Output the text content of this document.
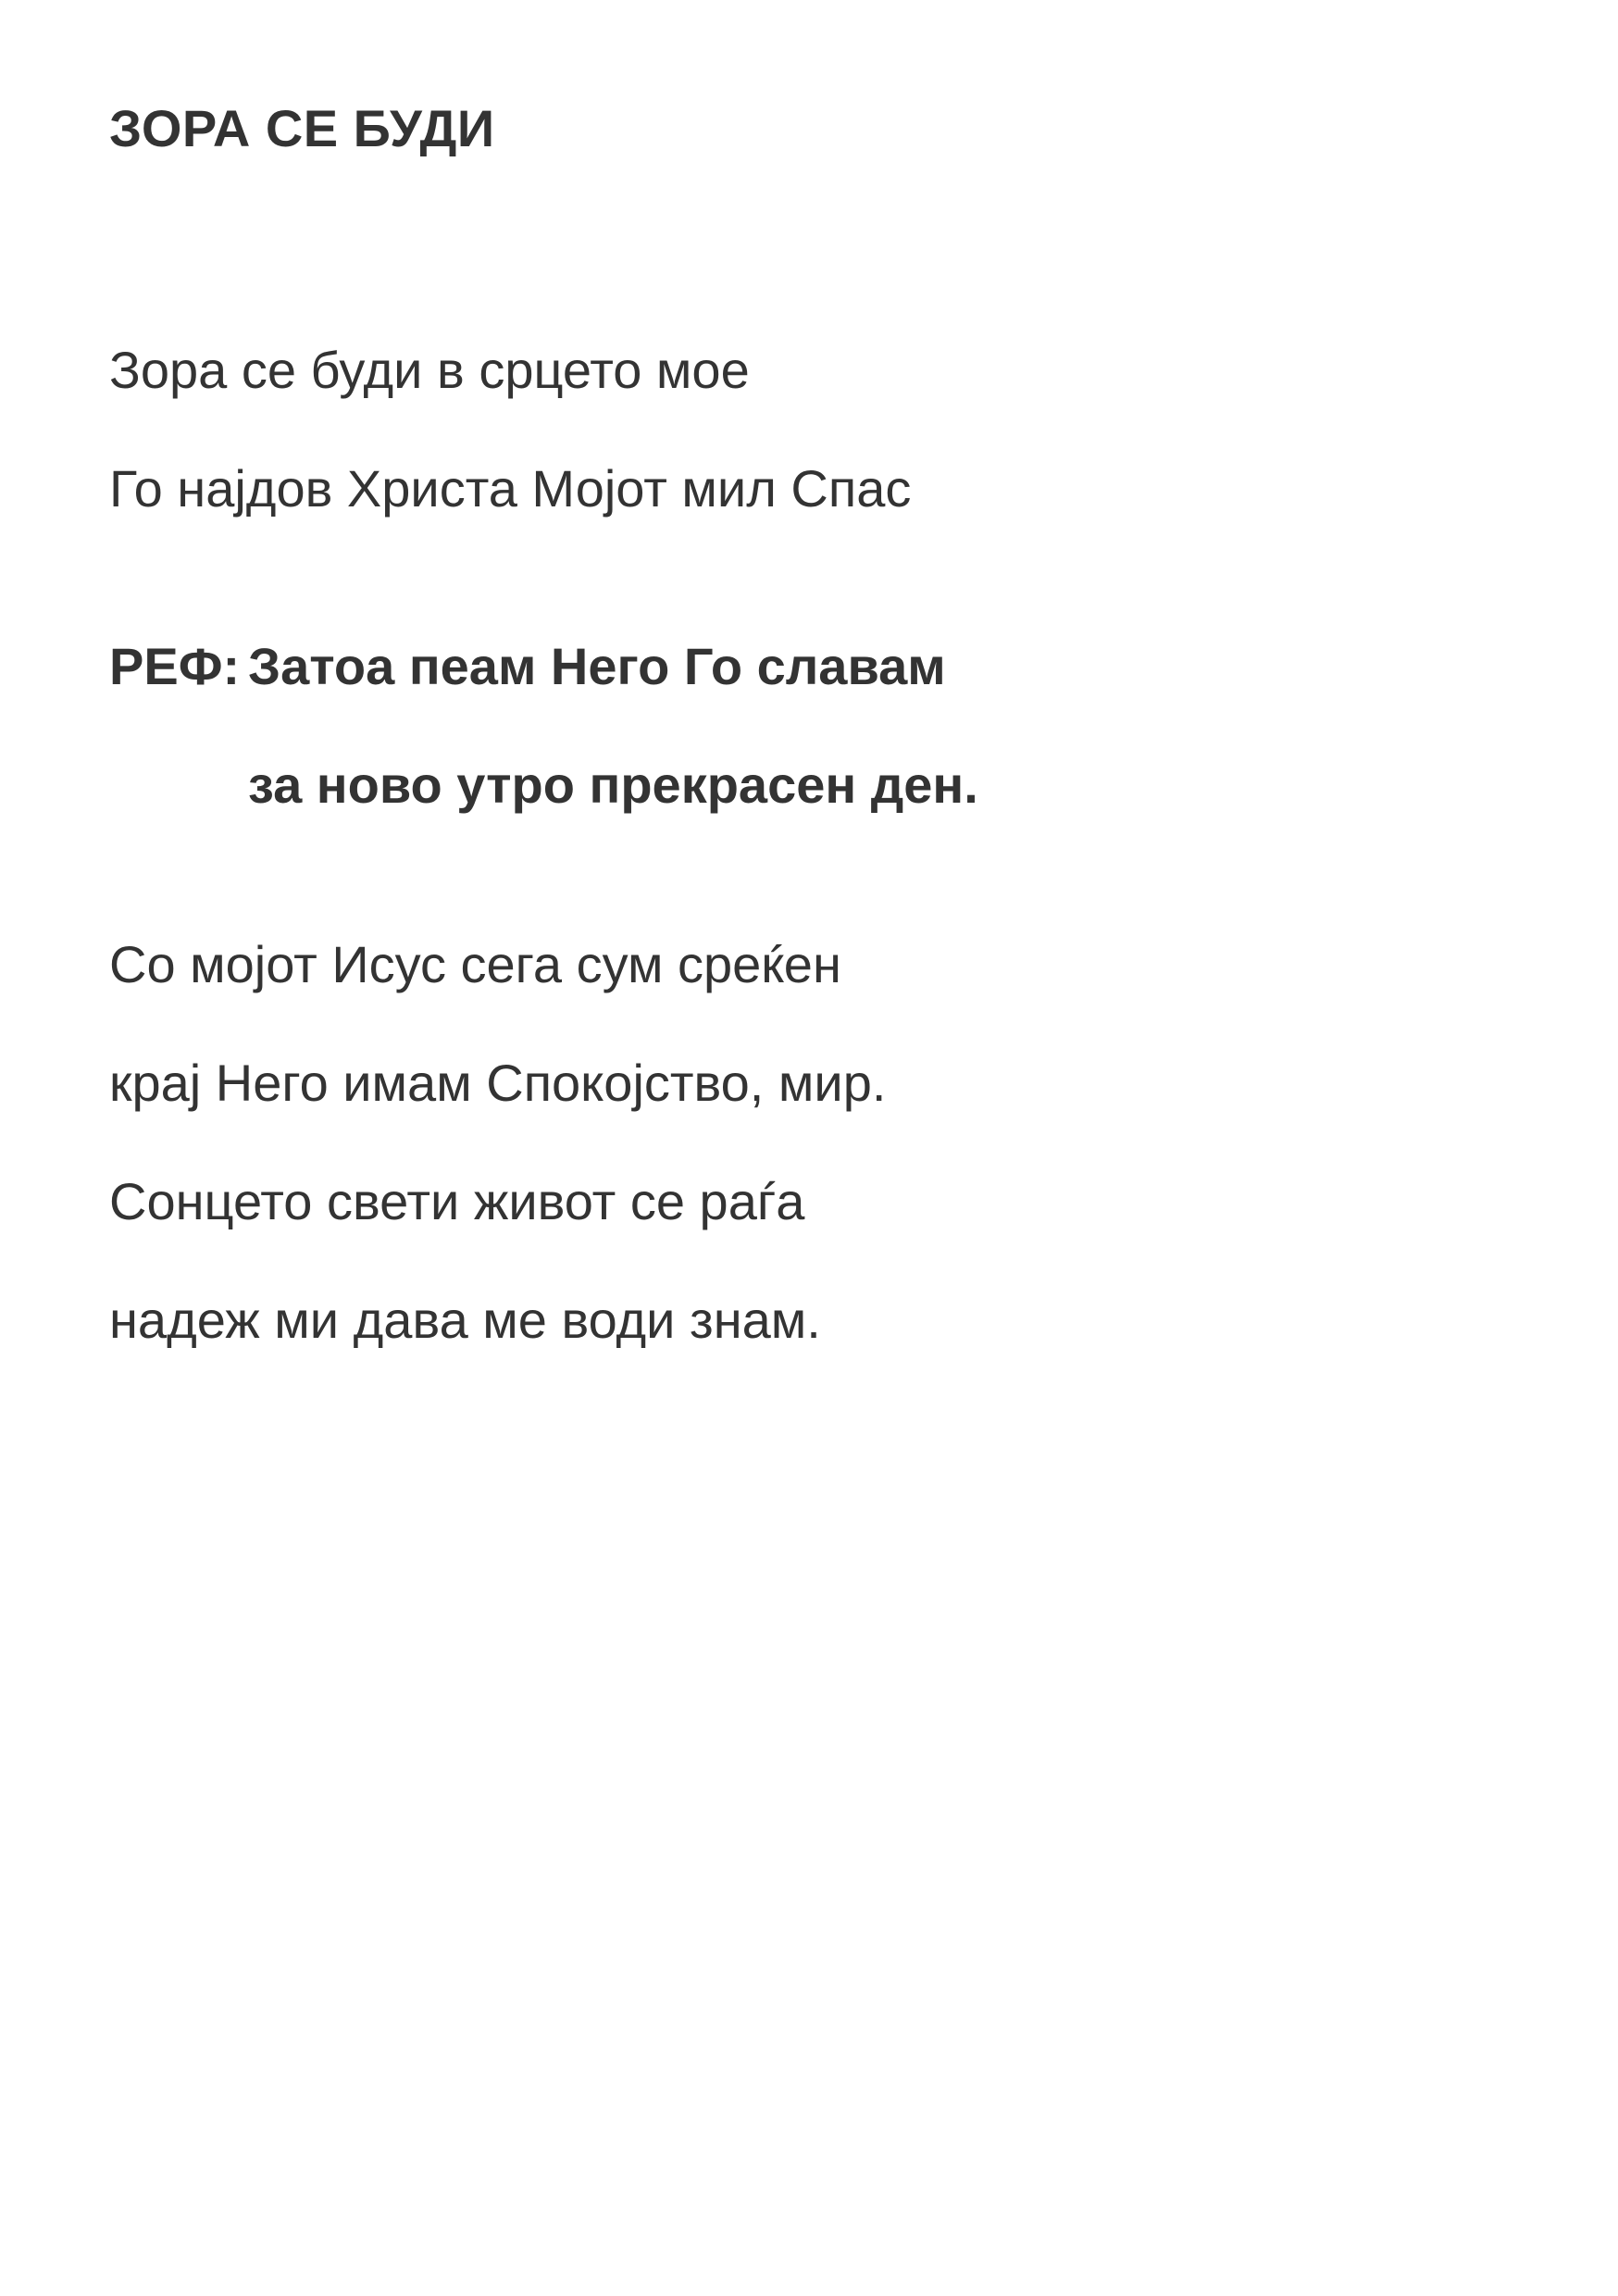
ЗОРА СЕ БУДИ
Зора се буди в срцето мое
Го најдов Христа Мојот мил Спас
РЕФ: Затоа пеам Него Го славам
за ново утро прекрасен ден.
Со мојот Исус сега сум среќен
крај Него имам Спокојство, мир.
Сонцето свети живот се раѓа
надеж ми дава ме води знам.
